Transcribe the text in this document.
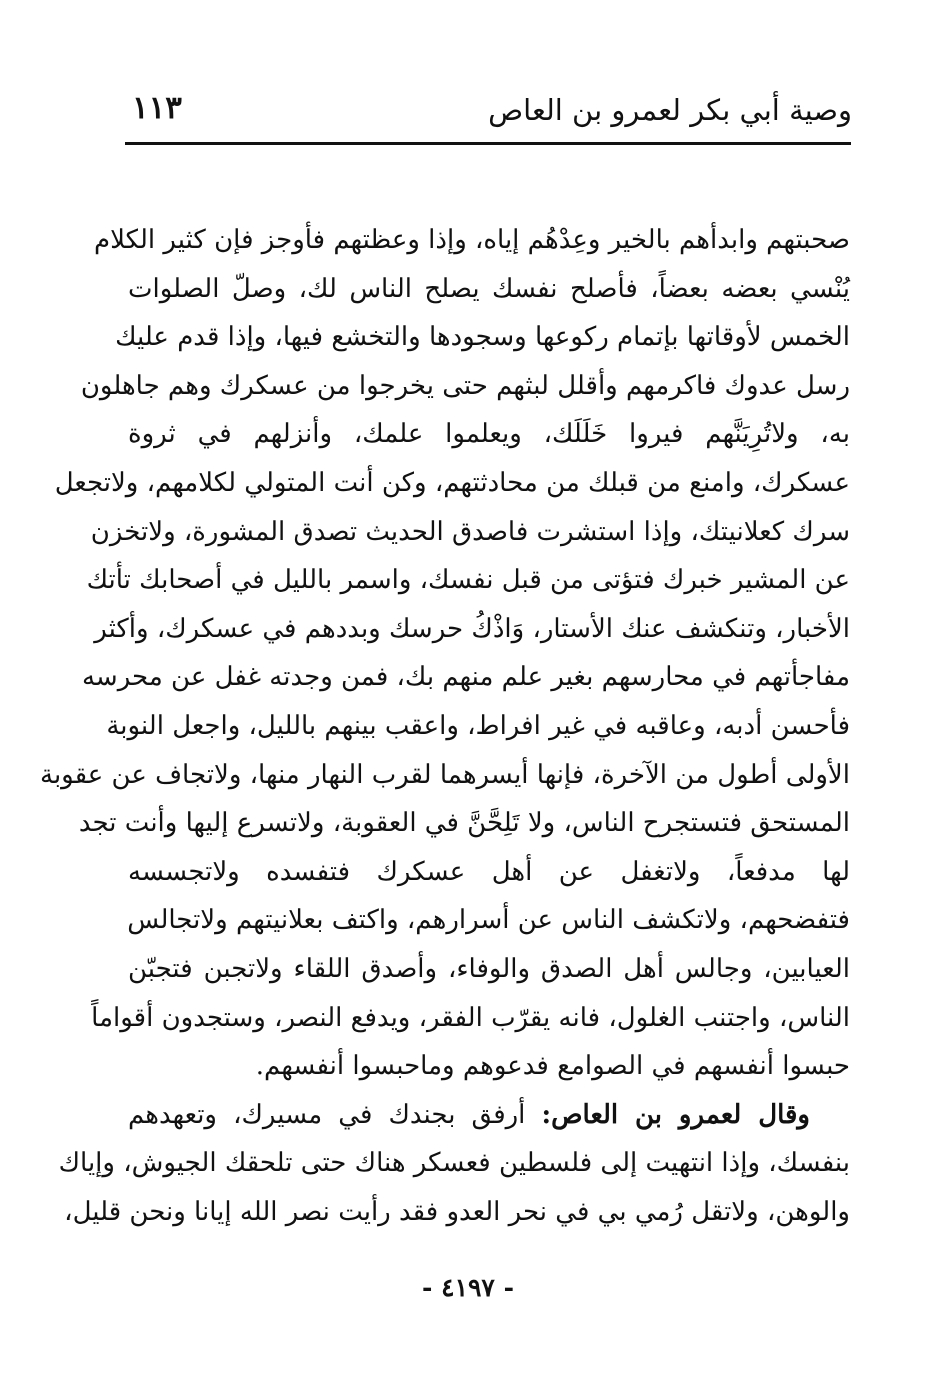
وصية أبي بكر لعمرو بن العاص
١١٣
صحبتهم وابدأهم بالخير وعِدْهُم إياه، وإذا وعظتهم فأوجز فإن كثير الكلام
يُنْسي بعضه بعضاً، فأصلح نفسك يصلح الناس لك، وصلّ الصلوات
الخمس لأوقاتها بإتمام ركوعها وسجودها والتخشع فيها، وإذا قدم عليك
رسل عدوك فاكرمهم وأقلل لبثهم حتى يخرجوا من عسكرك وهم جاهلون
به، ولاتُرِيَنَّهم فيروا خَلَلَك، ويعلموا علمك، وأنزلهم في ثروة
عسكرك، وامنع من قبلك من محادثتهم، وكن أنت المتولي لكلامهم، ولاتجعل
سرك كعلانيتك، وإذا استشرت فاصدق الحديث تصدق المشورة، ولاتخزن
عن المشير خبرك فتؤتى من قبل نفسك، واسمر بالليل في أصحابك تأتك
الأخبار، وتنكشف عنك الأستار، وَاذْكُ حرسك وبددهم في عسكرك، وأكثر
مفاجأتهم في محارسهم بغير علم منهم بك، فمن وجدته غفل عن محرسه
فأحسن أدبه، وعاقبه في غير افراط، واعقب بينهم بالليل، واجعل النوبة
الأولى أطول من الآخرة، فإنها أيسرهما لقرب النهار منها، ولاتجاف عن عقوبة
المستحق فتستجرح الناس، ولا تَلِحَّنَّ في العقوبة، ولاتسرع إليها وأنت تجد
لها مدفعاً، ولاتغفل عن أهل عسكرك فتفسده ولاتجسسه
فتفضحهم، ولاتكشف الناس عن أسرارهم، واكتف بعلانيتهم ولاتجالس
العيابين، وجالس أهل الصدق والوفاء، وأصدق اللقاء ولاتجبن فتجبّن
الناس، واجتنب الغلول، فانه يقرّب الفقر، ويدفع النصر، وستجدون أقواماً
حبسوا أنفسهم في الصوامع فدعوهم وماحبسوا أنفسهم.
وقال لعمرو بن العاص: أرفق بجندك في مسيرك، وتعهدهم
بنفسك، وإذا انتهيت إلى فلسطين فعسكر هناك حتى تلحقك الجيوش، وإياك
والوهن، ولاتقل رُمي بي في نحر العدو فقد رأيت نصر الله إيانا ونحن قليل،
- ٤١٩٧ -
